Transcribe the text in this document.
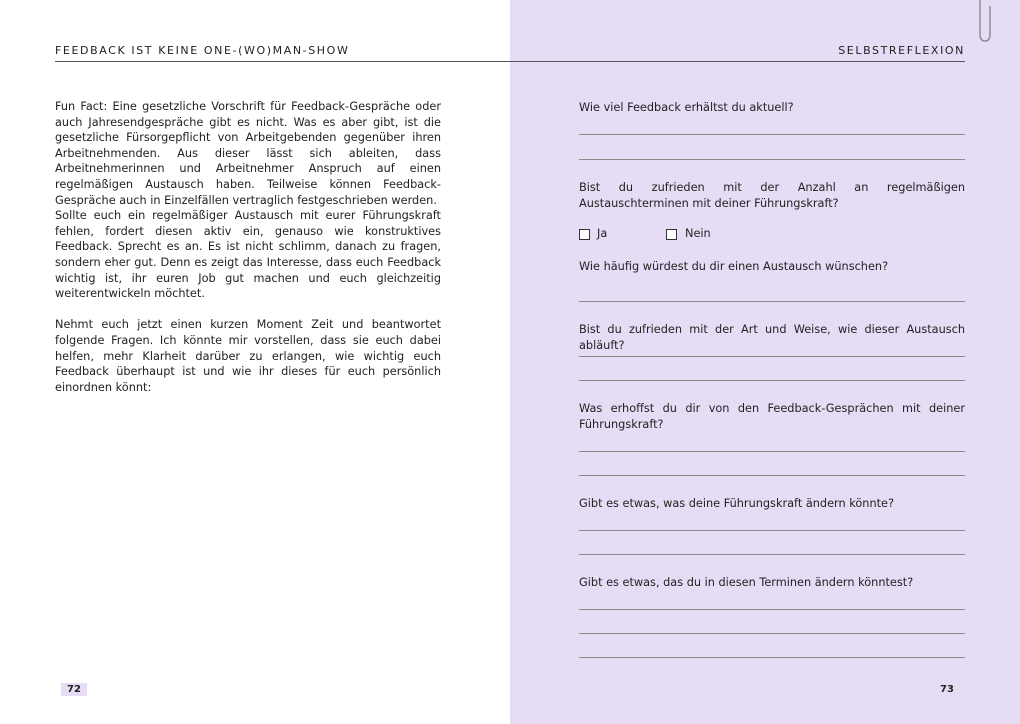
FEEDBACK IST KEINE ONE-(WO)MAN-SHOW	SELBSTREFLEXION

Fun Fact: Eine gesetzliche Vorschrift für Feedback-Gespräche oder auch Jahresendgespräche gibt es nicht. Was es aber gibt, ist die gesetzliche Fürsorgepflicht von Arbeitgebenden gegenüber ihren Arbeitnehmenden. Aus dieser lässt sich ableiten, dass Arbeitnehmerinnen und Arbeitnehmer Anspruch auf einen regelmäßigen Austausch haben. Teilweise können Feedback-Gespräche auch in Einzelfällen vertraglich festgeschrieben werden.

Sollte euch ein regelmäßiger Austausch mit eurer Führungskraft fehlen, fordert diesen aktiv ein, genauso wie konstruktives Feedback. Sprecht es an. Es ist nicht schlimm, danach zu fragen, sondern eher gut. Denn es zeigt das Interesse, dass euch Feedback wichtig ist, ihr euren Job gut machen und euch gleichzeitig weiterentwickeln möchtet.

Nehmt euch jetzt einen kurzen Moment Zeit und beantwortet folgende Fragen. Ich könnte mir vorstellen, dass sie euch dabei helfen, mehr Klarheit darüber zu erlangen, wie wichtig euch Feedback überhaupt ist und wie ihr dieses für euch persönlich einordnen könnt:

Wie viel Feedback erhältst du aktuell?
Bist du zufrieden mit der Anzahl an regelmäßigen Austauschterminen mit deiner Führungskraft?
Ja	Nein
Wie häufig würdest du dir einen Austausch wünschen?
Bist du zufrieden mit der Art und Weise, wie dieser Austausch abläuft?
Was erhoffst du dir von den Feedback-Gesprächen mit deiner Führungskraft?
Gibt es etwas, was deine Führungskraft ändern könnte?
Gibt es etwas, das du in diesen Terminen ändern könntest?
72	73
